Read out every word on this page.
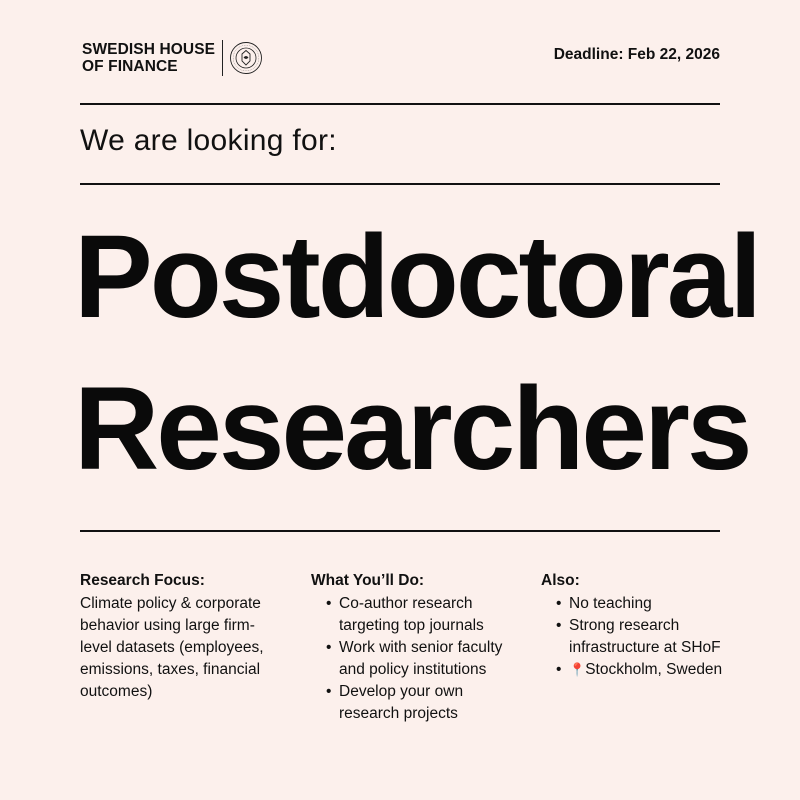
SWEDISH HOUSE
OF FINANCE
Deadline: Feb 22, 2026
We are looking for:
Postdoctoral
Researchers
Research Focus:
Climate policy & corporate behavior using large firm-level datasets (employees, emissions, taxes, financial outcomes)
What You’ll Do:
• Co-author research targeting top journals
• Work with senior faculty and policy institutions
• Develop your own research projects
Also:
• No teaching
• Strong research infrastructure at SHoF
• 📍Stockholm, Sweden
